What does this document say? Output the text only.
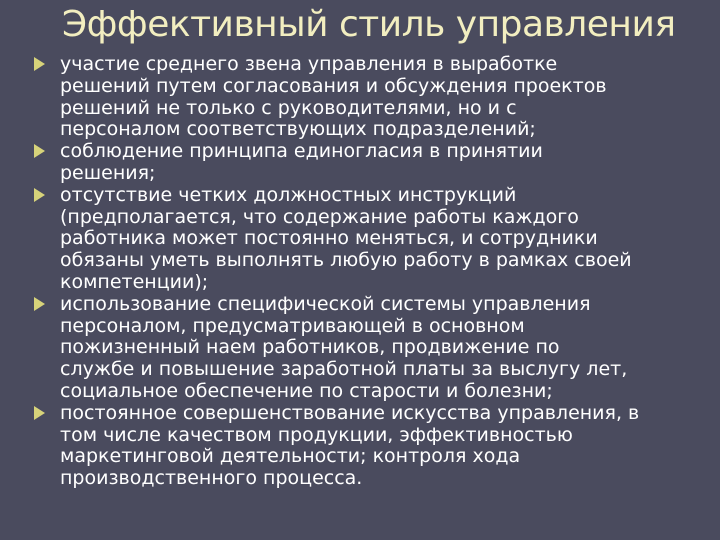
Эффективный стиль управления

участие среднего звена управления в выработке
решений путем согласования и обсуждения проектов
решений не только с руководителями, но и с
персоналом соответствующих подразделений;

соблюдение принципа единогласия в принятии
решения;

отсутствие четких должностных инструкций
(предполагается, что содержание работы каждого
работника может постоянно меняться, и сотрудники
обязаны уметь выполнять любую работу в рамках своей
компетенции);

использование специфической системы управления
персоналом, предусматривающей в основном
пожизненный наем работников, продвижение по
службе и повышение заработной платы за выслугу лет,
социальное обеспечение по старости и болезни;

постоянное совершенствование искусства управления, в
том числе качеством продукции, эффективностью
маркетинговой деятельности; контроля хода
производственного процесса.
